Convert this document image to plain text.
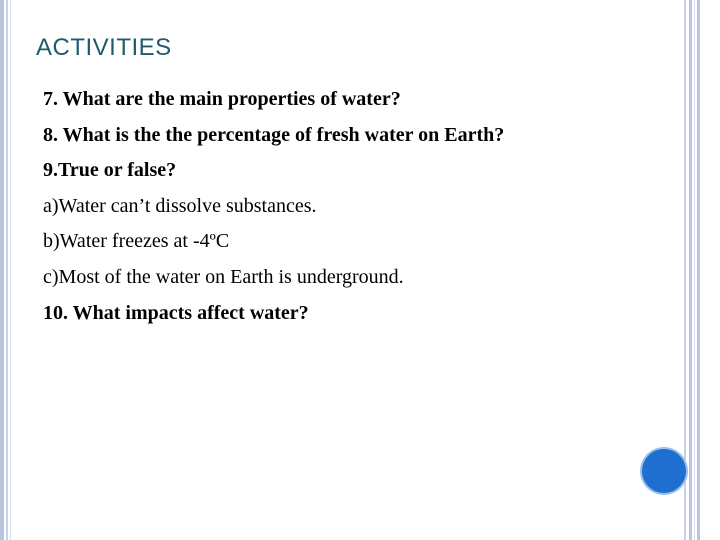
ACTIVITIES
7. What are the main properties of water?
8. What is the the percentage of fresh water on Earth?
9.True or false?
a)Water can’t dissolve substances.
b)Water freezes at -4ºC
c)Most of the water on Earth is underground.
10. What impacts affect water?
